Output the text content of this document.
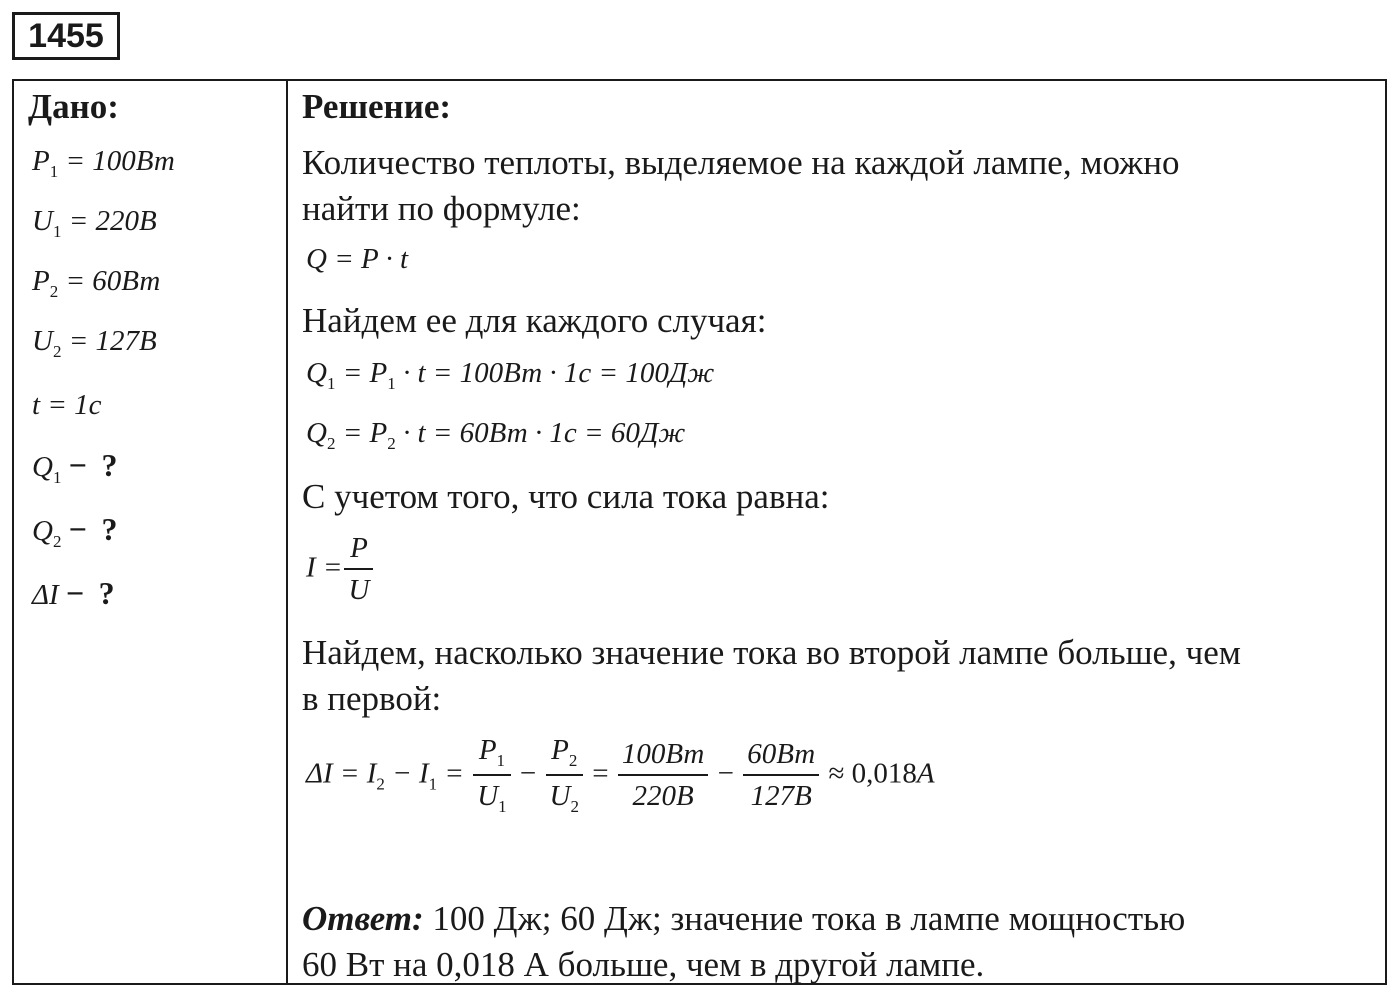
1455
Дано:
$P_1 = 100Вт$
$U_1 = 220В$
$P_2 = 60Вт$
$U_2 = 127В$
t = 1с
$Q_1$ − ?
$Q_2$ − ?
ΔI − ?
Решение:
Количество теплоты, выделяемое на каждой лампе, можно
найти по формуле:
Q = P · t
Найдем ее для каждого случая:
$Q_1 = P_1 \cdot t = 100Вт \cdot 1с = 100Дж$
$Q_2 = P_2 \cdot t = 60Вт \cdot 1с = 60Дж$
С учетом того, что сила тока равна:
$I = \frac{P}{U}$
Найдем, насколько значение тока во второй лампе больше, чем
в первой:
$\Delta I = I_2 - I_1 = \frac{P_1}{U_1} - \frac{P_2}{U_2} = \frac{100Вт}{220В} - \frac{60Вт}{127В} \approx 0,018А$
Ответ: 100 Дж; 60 Дж; значение тока в лампе мощностью
60 Вт на 0,018 А больше, чем в другой лампе.
